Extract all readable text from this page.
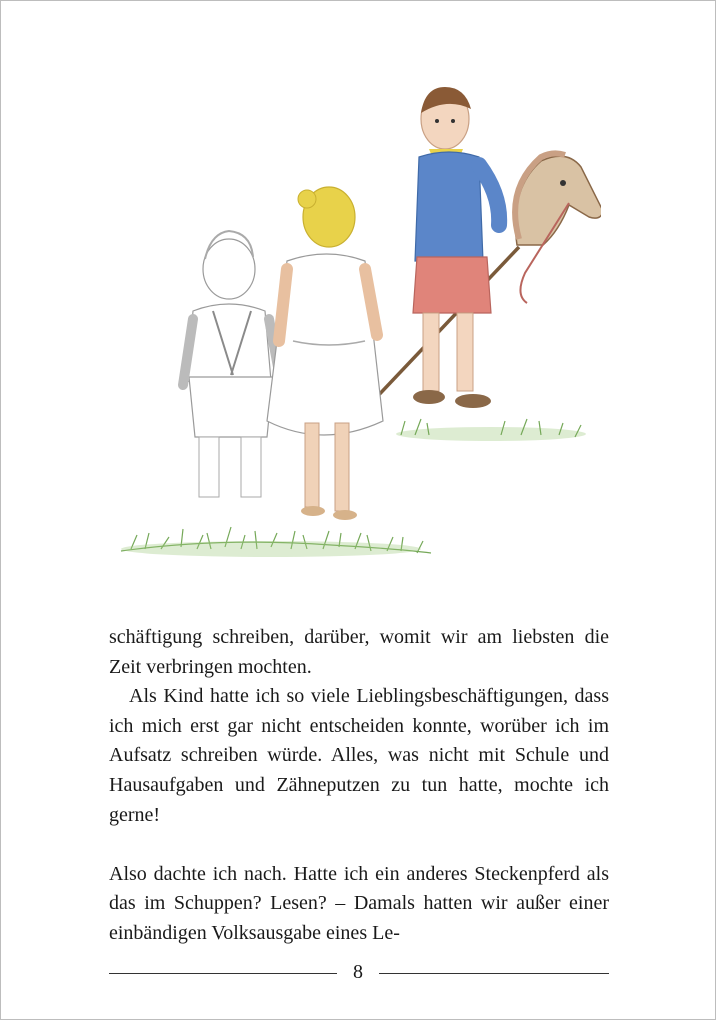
schäftigung schreiben, darüber, womit wir am liebsten die Zeit verbringen mochten.

Als Kind hatte ich so viele Lieblingsbeschäftigungen, dass ich mich erst gar nicht entscheiden konnte, worüber ich im Aufsatz schreiben würde. Alles, was nicht mit Schule und Hausaufgaben und Zähneputzen zu tun hatte, mochte ich gerne!

Also dachte ich nach. Hatte ich ein anderes Steckenpferd als das im Schuppen? Lesen? – Damals hatten wir außer einer einbändigen Volksausgabe eines Le-

8
